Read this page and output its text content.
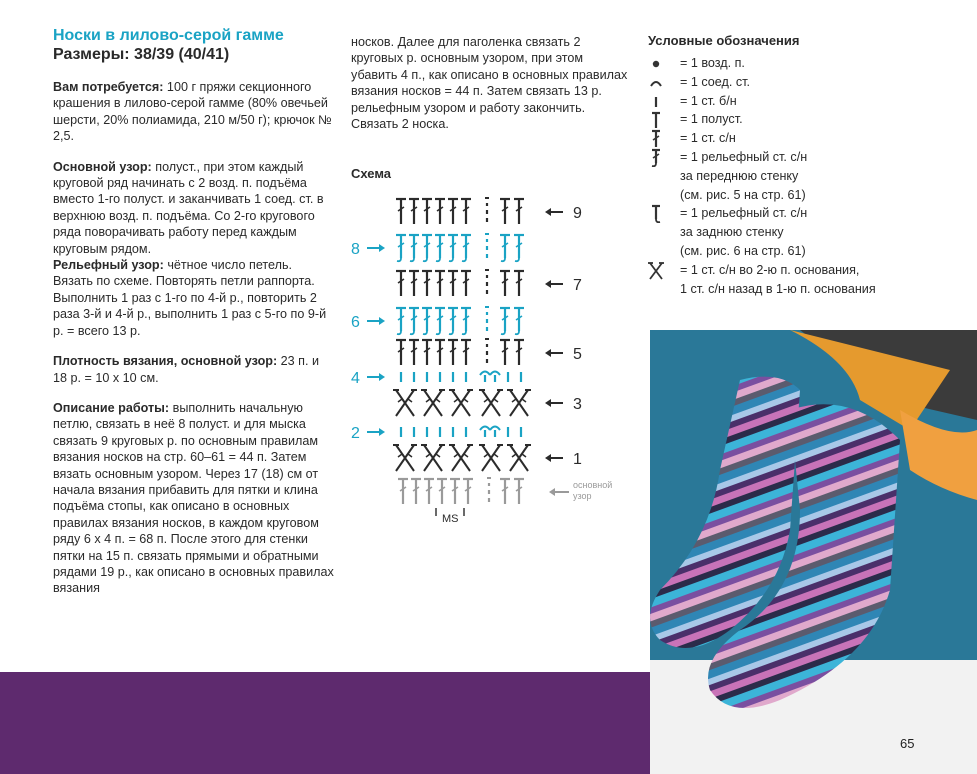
Носки в лилово-серой гамме
Размеры: 38/39 (40/41)

Вам потребуется: 100 г пряжи секционного крашения в лилово-серой гамме (80% овечьей шерсти, 20% полиамида, 210 м/50 г); крючок № 2,5.

Основной узор: полуст., при этом каждый круговой ряд начинать с 2 возд. п. подъёма вместо 1-го полуст. и заканчивать 1 соед. ст. в верхнюю возд. п. подъёма. Со 2-го кругового ряда поворачивать работу перед каждым круговым рядом.

Рельефный узор: чётное число петель. Вязать по схеме. Повторять петли раппорта. Выполнить 1 раз с 1-го по 4-й р., повторить 2 раза 3-й и 4-й р., выполнить 1 раз с 5-го по 9-й р. = всего 13 р.

Плотность вязания, основной узор: 23 п. и 18 р. = 10 х 10 см.

Описание работы: выполнить начальную петлю, связать в неё 8 полуст. и для мыска связать 9 круговых р. по основным правилам вязания носков на стр. 60–61 = 44 п. Затем вязать основным узором. Через 17 (18) см от начала вязания прибавить для пятки и клина подъёма стопы, как описано в основных правилах вязания носков, в каждом круговом ряду 6 х 4 п. = 68 п. После этого для стенки пятки на 15 п. связать прямыми и обратными рядами 19 р., как описано в основных правилах вязания

носков. Далее для паголенка связать 2 круговых р. основным узором, при этом убавить 4 п., как описано в основных правилах вязания носков = 44 п. Затем связать 13 р. рельефным узором и работу закончить. Связать 2 носка.

Схема
основной
узор
MS
1
2
3
4
5
6
7
8
9
Условные обозначения
= 1 возд. п.
= 1 соед. ст.
= 1 ст. б/н
= 1 полуст.
= 1 ст. с/н
= 1 рельефный ст. с/н
за переднюю стенку
(см. рис. 5 на стр. 61)
= 1 рельефный ст. с/н
за заднюю стенку
(см. рис. 6 на стр. 61)
= 1 ст. с/н во 2-ю п. основания,
1 ст. с/н назад в 1-ю п. основания
65
